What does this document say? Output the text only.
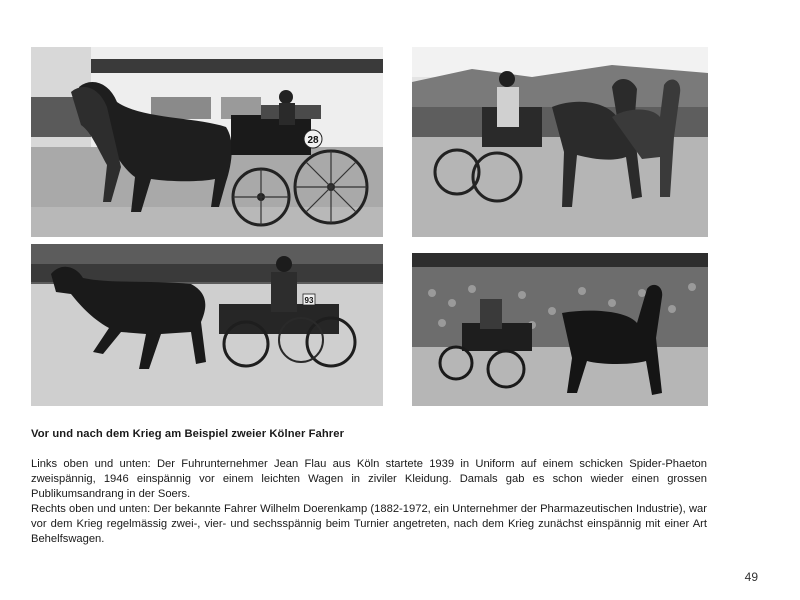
28
93
Vor und nach dem Krieg am Beispiel zweier Kölner Fahrer

Links oben und unten: Der Fuhrunternehmer Jean Flau aus Köln startete 1939 in Uniform auf einem schicken Spider-Phaeton zweispännig, 1946 einspännig vor einem leichten Wagen in ziviler Kleidung. Damals gab es schon wieder einen grossen Publikumsandrang in der Soers.

Rechts oben und unten: Der bekannte Fahrer Wilhelm Doerenkamp (1882-1972, ein Unternehmer der Pharmazeutischen Industrie), war vor dem Krieg regelmässig zwei-, vier- und sechsspännig beim Turnier angetreten, nach dem Krieg zunächst einspännig mit einer Art Behelfswagen.

49
